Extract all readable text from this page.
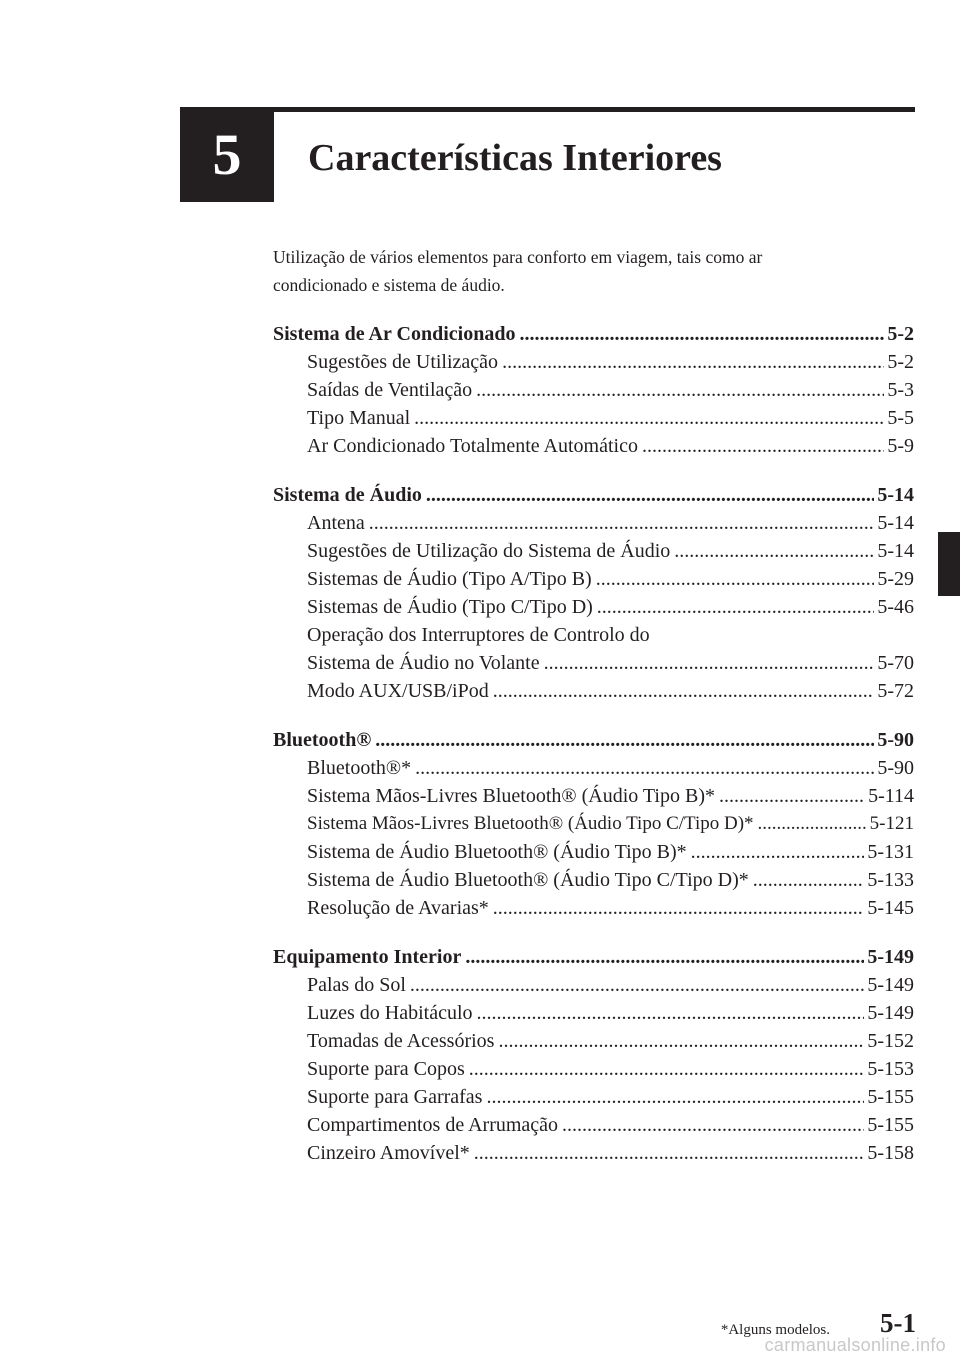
5 Características Interiores

Utilização de vários elementos para conforto em viagem, tais como ar

condicionado e sistema de áudio.

Sistema de Ar Condicionado .....	5-2
Sugestões de Utilização .....	5-2
Saídas de Ventilação .....	5-3
Tipo Manual .....	5-5
Ar Condicionado Totalmente Automático .....	5-9
Sistema de Áudio .....	5-14
Antena .....	5-14
Sugestões de Utilização do Sistema de Áudio .....	5-14
Sistemas de Áudio (Tipo A/Tipo B) .....	5-29
Sistemas de Áudio (Tipo C/Tipo D) .....	5-46
Operação dos Interruptores de Controlo do
Sistema de Áudio no Volante .....	5-70
Modo AUX/USB/iPod .....	5-72
Bluetooth® .....	5-90
Bluetooth®* .....	5-90
Sistema Mãos-Livres Bluetooth® (Áudio Tipo B)* .....	5-114
Sistema Mãos-Livres Bluetooth® (Áudio Tipo C/Tipo D)* .....	5-121
Sistema de Áudio Bluetooth® (Áudio Tipo B)* .....	5-131
Sistema de Áudio Bluetooth® (Áudio Tipo C/Tipo D)* .....	5-133
Resolução de Avarias* .....	5-145
Equipamento Interior .....	5-149
Palas do Sol .....	5-149
Luzes do Habitáculo .....	5-149
Tomadas de Acessórios .....	5-152
Suporte para Copos .....	5-153
Suporte para Garrafas .....	5-155
Compartimentos de Arrumação .....	5-155
Cinzeiro Amovível* .....	5-158
*Alguns modelos. 5-1
carmanualsonline.info
